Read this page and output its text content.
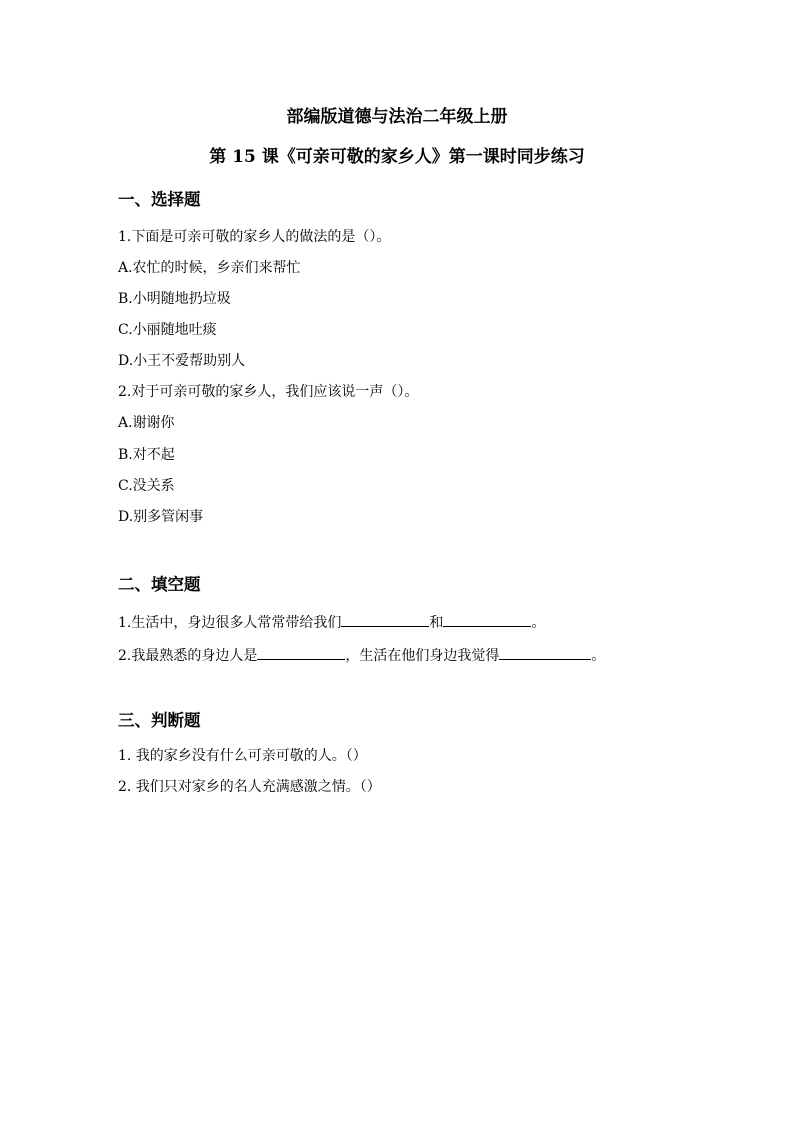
部编版道德与法治二年级上册
第 15 课《可亲可敬的家乡人》第一课时同步练习
一、选择题
1.下面是可亲可敬的家乡人的做法的是（）。
A.农忙的时候，乡亲们来帮忙
B.小明随地扔垃圾
C.小丽随地吐痰
D.小王不爱帮助别人
2.对于可亲可敬的家乡人，我们应该说一声（）。
A.谢谢你
B.对不起
C.没关系
D.别多管闲事
二、填空题
1.生活中，身边很多人常常带给我们	和	。
2.我最熟悉的身边人是	，生活在他们身边我觉得	。
三、判断题
1. 我的家乡没有什么可亲可敬的人。（）
2. 我们只对家乡的名人充满感激之情。（）
